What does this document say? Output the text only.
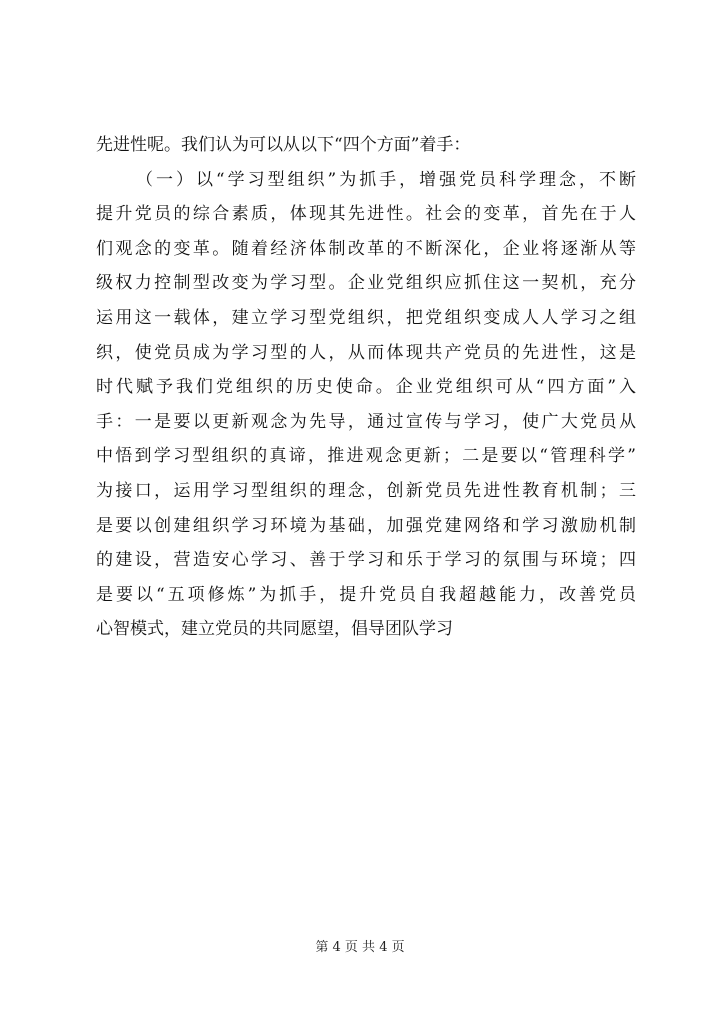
先进性呢。我们认为可以从以下“四个方面”着手：
（一）以“学习型组织”为抓手，增强党员科学理念，不断
提升党员的综合素质，体现其先进性。社会的变革，首先在于人
们观念的变革。随着经济体制改革的不断深化，企业将逐渐从等
级权力控制型改变为学习型。企业党组织应抓住这一契机，充分
运用这一载体，建立学习型党组织，把党组织变成人人学习之组
织，使党员成为学习型的人，从而体现共产党员的先进性，这是
时代赋予我们党组织的历史使命。企业党组织可从“四方面”入
手：一是要以更新观念为先导，通过宣传与学习，使广大党员从
中悟到学习型组织的真谛，推进观念更新；二是要以“管理科学”
为接口，运用学习型组织的理念，创新党员先进性教育机制；三
是要以创建组织学习环境为基础，加强党建网络和学习激励机制
的建设，营造安心学习、善于学习和乐于学习的氛围与环境；四
是要以“五项修炼”为抓手，提升党员自我超越能力，改善党员
心智模式，建立党员的共同愿望，倡导团队学习
第 4 页 共 4 页
